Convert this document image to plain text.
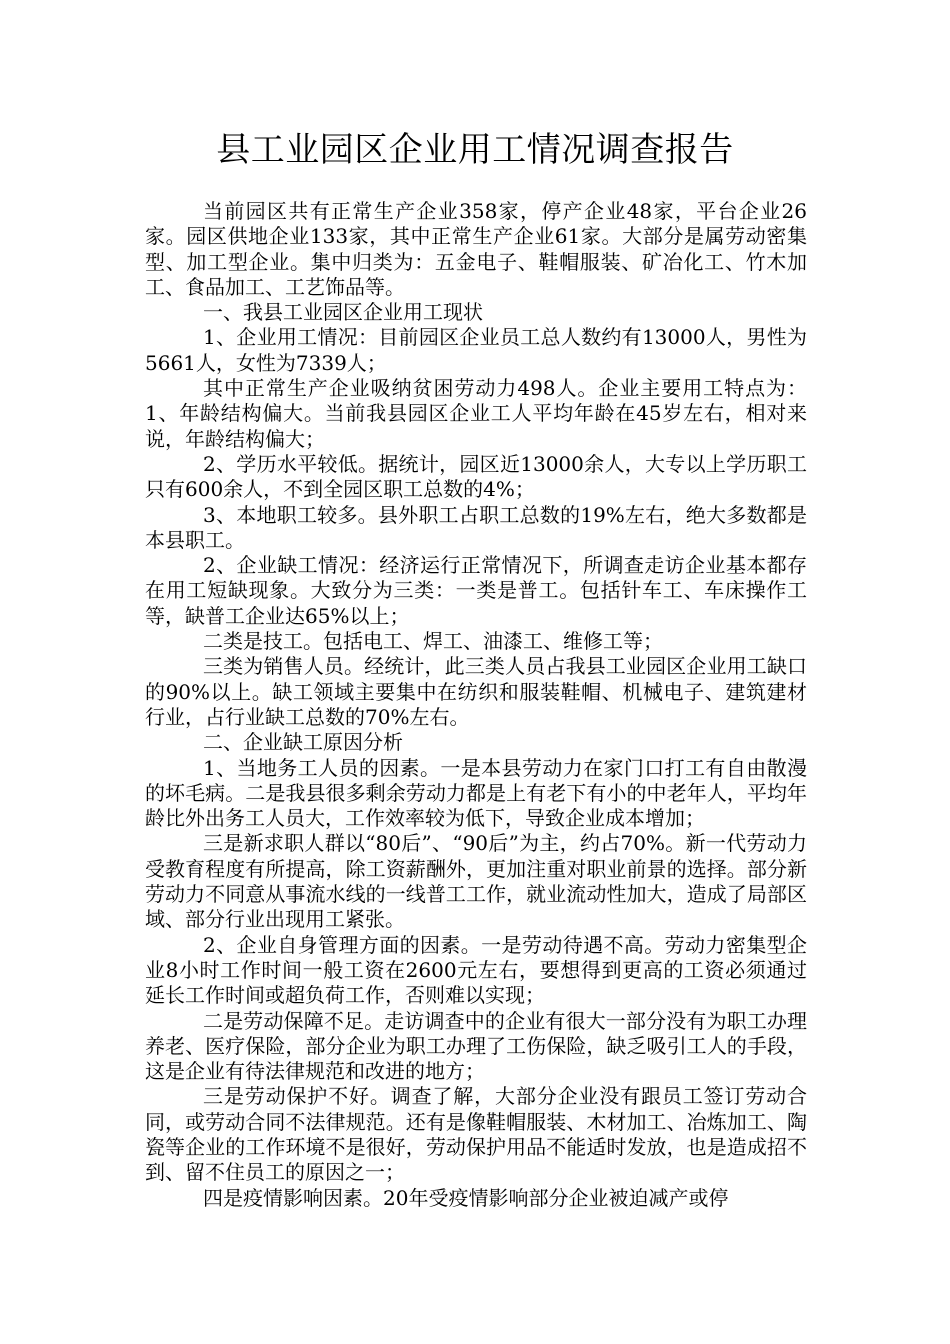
县工业园区企业用工情况调查报告

当前园区共有正常生产企业358家，停产企业48家，平台企业26家。园区供地企业133家，其中正常生产企业61家。大部分是属劳动密集型、加工型企业。集中归类为：五金电子、鞋帽服装、矿冶化工、竹木加工、食品加工、工艺饰品等。

一、我县工业园区企业用工现状

1、企业用工情况：目前园区企业员工总人数约有13000人，男性为5661人，女性为7339人；

其中正常生产企业吸纳贫困劳动力498人。企业主要用工特点为：1、年龄结构偏大。当前我县园区企业工人平均年龄在45岁左右，相对来说，年龄结构偏大；

2、学历水平较低。据统计，园区近13000余人，大专以上学历职工只有600余人，不到全园区职工总数的4%；

3、本地职工较多。县外职工占职工总数的19%左右，绝大多数都是本县职工。

2、企业缺工情况：经济运行正常情况下，所调查走访企业基本都存在用工短缺现象。大致分为三类：一类是普工。包括针车工、车床操作工等，缺普工企业达65%以上；

二类是技工。包括电工、焊工、油漆工、维修工等；

三类为销售人员。经统计，此三类人员占我县工业园区企业用工缺口的90%以上。缺工领域主要集中在纺织和服装鞋帽、机械电子、建筑建材行业，占行业缺工总数的70%左右。

二、企业缺工原因分析

1、当地务工人员的因素。一是本县劳动力在家门口打工有自由散漫的坏毛病。二是我县很多剩余劳动力都是上有老下有小的中老年人，平均年龄比外出务工人员大，工作效率较为低下，导致企业成本增加；

三是新求职人群以“80后”、“90后”为主，约占70%。新一代劳动力受教育程度有所提高，除工资薪酬外，更加注重对职业前景的选择。部分新劳动力不同意从事流水线的一线普工工作，就业流动性加大，造成了局部区域、部分行业出现用工紧张。

2、企业自身管理方面的因素。一是劳动待遇不高。劳动力密集型企业8小时工作时间一般工资在2600元左右，要想得到更高的工资必须通过延长工作时间或超负荷工作，否则难以实现；

二是劳动保障不足。走访调查中的企业有很大一部分没有为职工办理养老、医疗保险，部分企业为职工办理了工伤保险，缺乏吸引工人的手段，这是企业有待法律规范和改进的地方；

三是劳动保护不好。调查了解，大部分企业没有跟员工签订劳动合同，或劳动合同不法律规范。还有是像鞋帽服装、木材加工、冶炼加工、陶瓷等企业的工作环境不是很好，劳动保护用品不能适时发放，也是造成招不到、留不住员工的原因之一；

四是疫情影响因素。20年受疫情影响部分企业被迫减产或停
